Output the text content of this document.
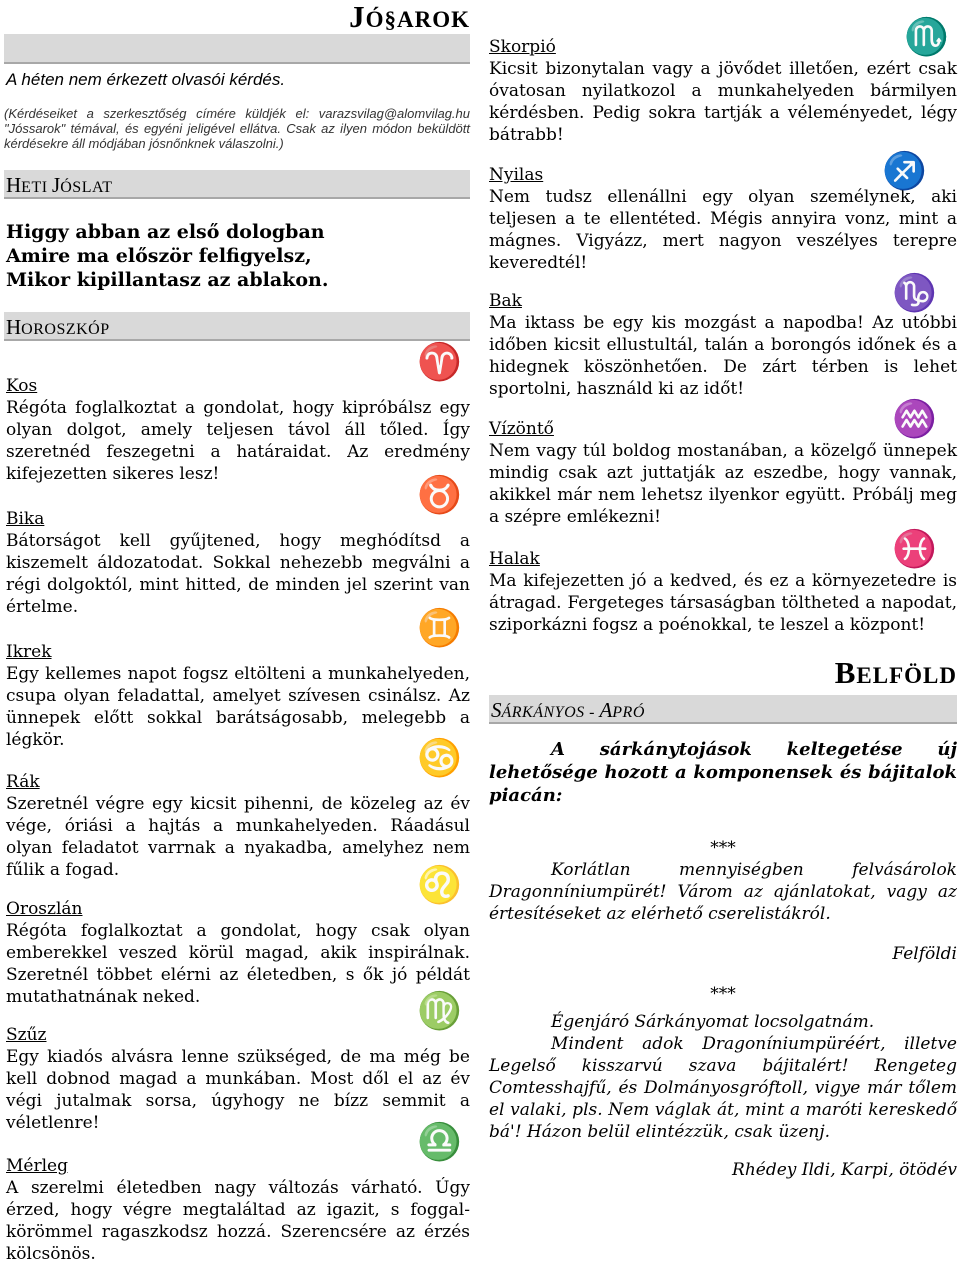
A héten nem érkezett olvasói kérdés.

(Kérdéseiket a szerkesztőség címére küldjék el: varazsvilag@alomvilag.hu "Jóssarok" témával, és egyéni jeligével ellátva. Csak az ilyen módon beküldött kérdésekre áll módjában jósnőnknek válaszolni.)

HETI JÓSLAT

Higgy abban az első dologban

Amire ma először felfigyelsz,

Mikor kipillantasz az ablakon.

HOROSZKÓP
Kos
♈

Régóta foglalkoztat a gondolat, hogy kipróbálsz egy olyan dolgot, amely teljesen távol áll tőled. Így szeretnéd feszegetni a határaidat. Az eredmény kifejezetten sikeres lesz!

Bika
♉

Bátorságot kell gyűjtened, hogy meghódítsd a kiszemelt áldozatodat. Sokkal nehezebb megválni a régi dolgoktól, mint hitted, de minden jel szerint van értelme.

Ikrek
♊

Egy kellemes napot fogsz eltölteni a munkahelyeden, csupa olyan feladattal, amelyet szívesen csinálsz. Az ünnepek előtt sokkal barátságosabb, melegebb a légkör.

Rák
♋

Szeretnél végre egy kicsit pihenni, de közeleg az év vége, óriási a hajtás a munkahelyeden. Ráadásul olyan feladatot varrnak a nyakadba, amelyhez nem fűlik a fogad.

Oroszlán
♌

Régóta foglalkoztat a gondolat, hogy csak olyan emberekkel veszed körül magad, akik inspirálnak. Szeretnél többet elérni az életedben, s ők jó példát mutathatnának neked.

Szűz
♍

Egy kiadós alvásra lenne szükséged, de ma még be kell dobnod magad a munkában. Most dől el az év végi jutalmak sorsa, úgyhogy ne bízz semmit a véletlenre!

Mérleg
♎

A szerelmi életedben nagy változás várható. Úgy érzed, hogy végre megtaláltad az igazit, s foggal-körömmel ragaszkodsz hozzá. Szerencsére az érzés kölcsönös.

JÓ§AROK

Skorpió	♏

Kicsit bizonytalan vagy a jövődet illetően, ezért csak óvatosan nyilatkozol a munkahelyeden bármilyen kérdésben. Pedig sokra tartják a véleményedet, légy bátrabb!

Nyilas	♐

Nem tudsz ellenállni egy olyan személynek, aki teljesen a te ellentéted. Mégis annyira vonz, mint a mágnes. Vigyázz, mert nagyon veszélyes terepre keveredtél!

Bak	♑

Ma iktass be egy kis mozgást a napodba! Az utóbbi időben kicsit ellustultál, talán a borongós időnek és a hidegnek köszönhetően. De zárt térben is lehet sportolni, használd ki az időt!

Vízöntő	♒

Nem vagy túl boldog mostanában, a közelgő ünnepek mindig csak azt juttatják az eszedbe, hogy vannak, akikkel már nem lehetsz ilyenkor együtt. Próbálj meg a szépre emlékezni!

Halak	♓

Ma kifejezetten jó a kedved, és ez a környezetedre is átragad. Fergeteges társaságban töltheted a napodat, sziporkázni fogsz a poénokkal, te leszel a központ!

BELFÖLD

SÁRKÁNYOS - APRÓ

A sárkánytojások keltegetése új lehetősége hozott a komponensek és bájitalok piacán:

***

Korlátlan mennyiségben felvásárolok Dragonníniumpürét! Várom az ajánlatokat, vagy az értesítéseket az elérhető cserelistákról.

Felföldi

***

Égenjáró Sárkányomat locsolgatnám.

Mindent adok Dragoníniumpüréért, illetve Legelső kisszarvú szava bájitalért! Rengeteg Comtesshajfű, és Dolmányosgróftoll, vigye már tőlem el valaki, pls. Nem váglak át, mint a maróti kereskedő bá'! Házon belül elintézzük, csak üzenj.

Rhédey Ildi, Karpi, ötödév
